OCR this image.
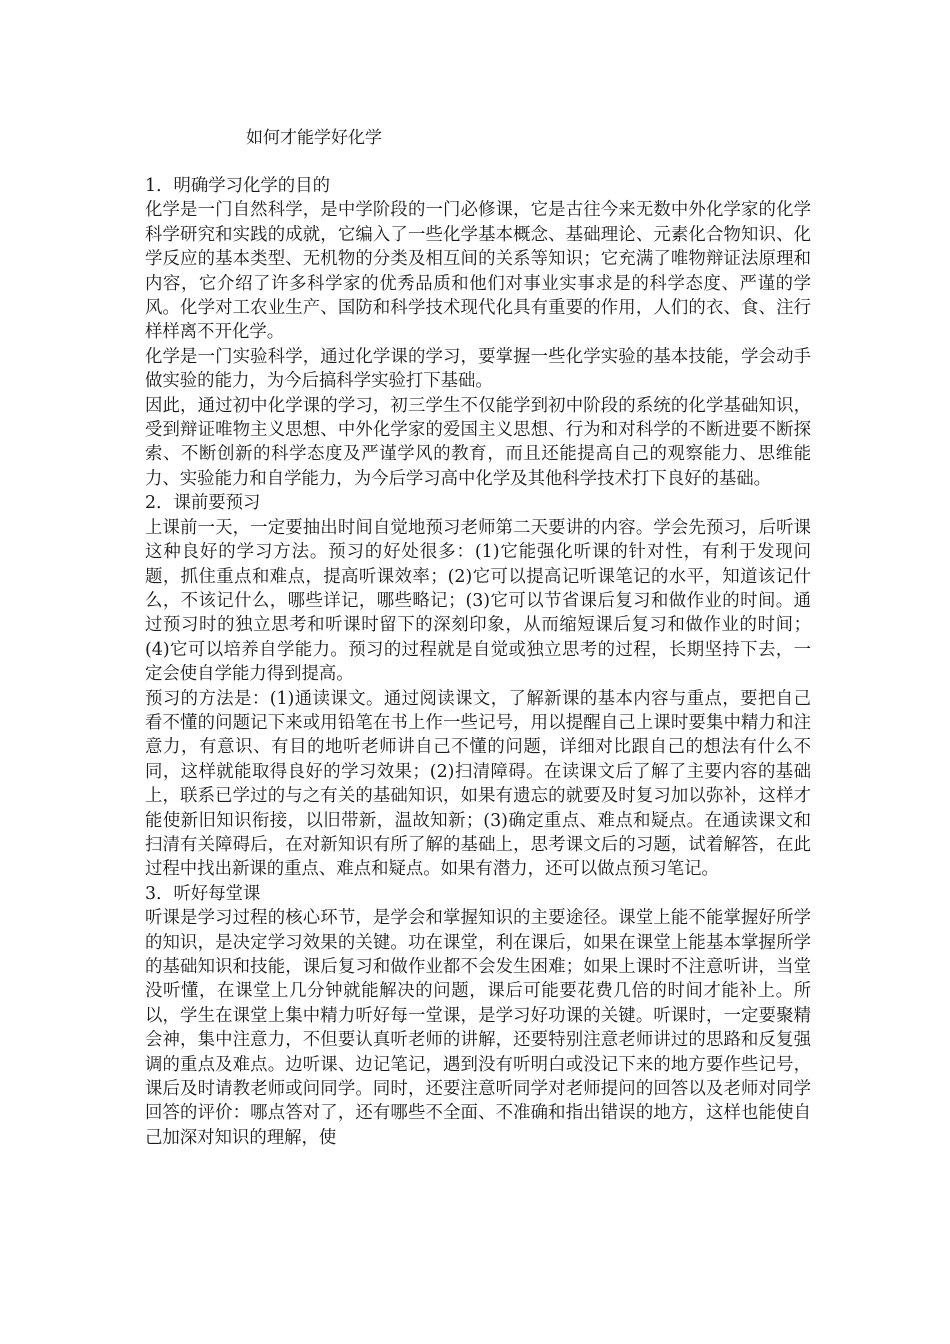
如何才能学好化学
1．明确学习化学的目的

化学是一门自然科学，是中学阶段的一门必修课，它是古往今来无数中外化学家的化学科学研究和实践的成就，它编入了一些化学基本概念、基础理论、元素化合物知识、化学反应的基本类型、无机物的分类及相互间的关系等知识；它充满了唯物辩证法原理和内容，它介绍了许多科学家的优秀品质和他们对事业实事求是的科学态度、严谨的学风。化学对工农业生产、国防和科学技术现代化具有重要的作用，人们的衣、食、注行样样离不开化学。

化学是一门实验科学，通过化学课的学习，要掌握一些化学实验的基本技能，学会动手做实验的能力，为今后搞科学实验打下基础。

因此，通过初中化学课的学习，初三学生不仅能学到初中阶段的系统的化学基础知识，受到辩证唯物主义思想、中外化学家的爱国主义思想、行为和对科学的不断进要不断探索、不断创新的科学态度及严谨学风的教育，而且还能提高自己的观察能力、思维能力、实验能力和自学能力，为今后学习高中化学及其他科学技术打下良好的基础。

2．课前要预习

上课前一天，一定要抽出时间自觉地预习老师第二天要讲的内容。学会先预习，后听课这种良好的学习方法。预习的好处很多：(1)它能强化听课的针对性，有利于发现问题，抓住重点和难点，提高听课效率；(2)它可以提高记听课笔记的水平，知道该记什么，不该记什么，哪些详记，哪些略记；(3)它可以节省课后复习和做作业的时间。通过预习时的独立思考和听课时留下的深刻印象，从而缩短课后复习和做作业的时间；(4)它可以培养自学能力。预习的过程就是自觉或独立思考的过程，长期坚持下去，一定会使自学能力得到提高。

预习的方法是：(1)通读课文。通过阅读课文，了解新课的基本内容与重点，要把自己看不懂的问题记下来或用铅笔在书上作一些记号，用以提醒自己上课时要集中精力和注意力，有意识、有目的地听老师讲自己不懂的问题，详细对比跟自己的想法有什么不同，这样就能取得良好的学习效果；(2)扫清障碍。在读课文后了解了主要内容的基础上，联系已学过的与之有关的基础知识，如果有遗忘的就要及时复习加以弥补，这样才能使新旧知识衔接，以旧带新，温故知新；(3)确定重点、难点和疑点。在通读课文和扫清有关障碍后，在对新知识有所了解的基础上，思考课文后的习题，试着解答，在此过程中找出新课的重点、难点和疑点。如果有潜力，还可以做点预习笔记。

3．听好每堂课

听课是学习过程的核心环节，是学会和掌握知识的主要途径。课堂上能不能掌握好所学的知识，是决定学习效果的关键。功在课堂，利在课后，如果在课堂上能基本掌握所学的基础知识和技能，课后复习和做作业都不会发生困难；如果上课时不注意听讲，当堂没听懂，在课堂上几分钟就能解决的问题，课后可能要花费几倍的时间才能补上。所以，学生在课堂上集中精力听好每一堂课，是学习好功课的关键。听课时，一定要聚精会神，集中注意力，不但要认真听老师的讲解，还要特别注意老师讲过的思路和反复强调的重点及难点。边听课、边记笔记，遇到没有听明白或没记下来的地方要作些记号，课后及时请教老师或问同学。同时，还要注意听同学对老师提问的回答以及老师对同学回答的评价：哪点答对了，还有哪些不全面、不准确和指出错误的地方，这样也能使自己加深对知识的理解，使
